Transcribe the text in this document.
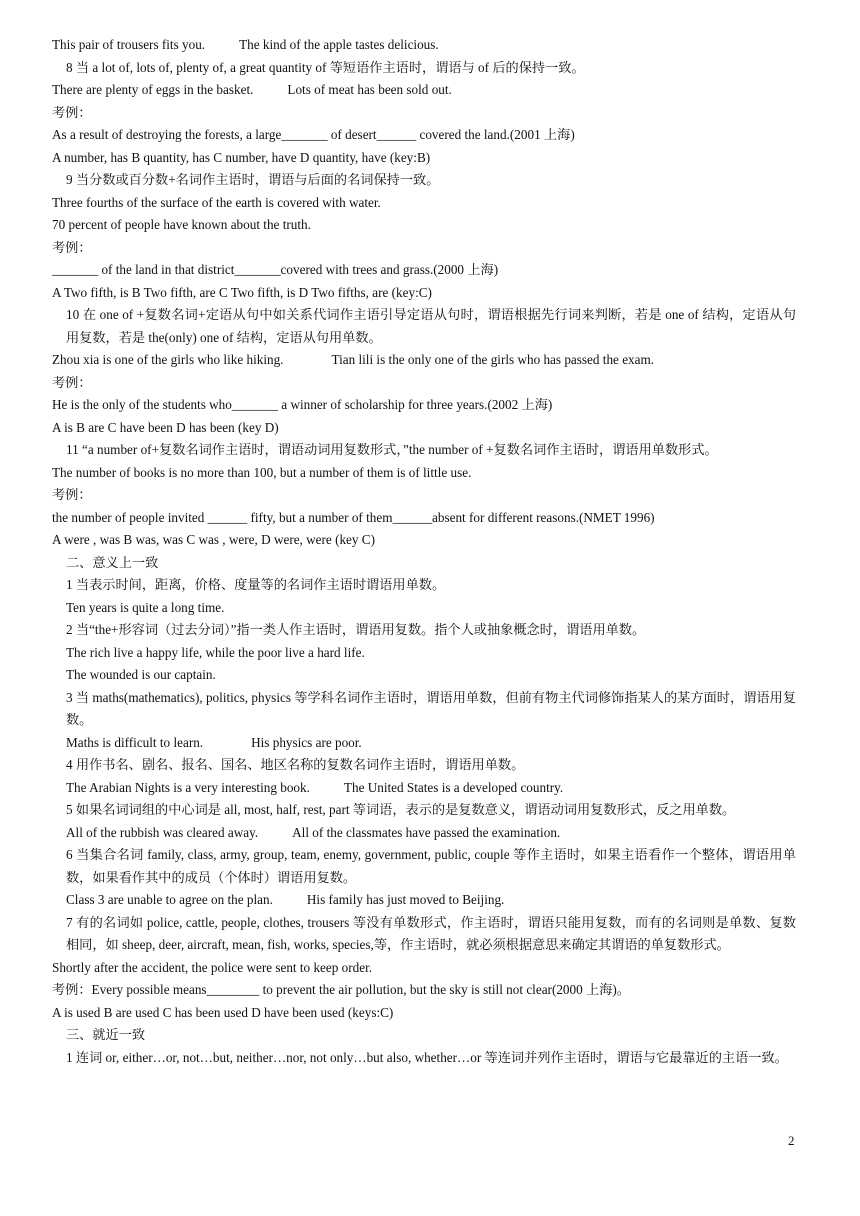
This pair of trousers fits you.	The kind of the apple tastes delicious.
8 当 a lot of, lots of, plenty of, a great quantity of 等短语作主语时，谓语与 of 后的保持一致。
There are plenty of eggs in the basket.	Lots of meat has been sold out.
考例：
As a result of destroying the forests, a large_______ of desert______ covered the land.(2001 上海)
A number, has B quantity, has C number, have D quantity, have (key:B)
9 当分数或百分数+名词作主语时，谓语与后面的名词保持一致。
Three fourths of the surface of the earth is covered with water.
70 percent of people have known about the truth.
考例：
_______ of the land in that district_______covered with trees and grass.(2000 上海)
A Two fifth, is B Two fifth, are C Two fifth, is D Two fifths, are (key:C)
10 在 one of +复数名词+定语从句中如关系代词作主语引导定语从句时，谓语根据先行词来判断，若是 one of 结构，定语从句用复数，若是 the(only) one of 结构，定语从句用单数。
Zhou xia is one of the girls who like hiking.	Tian lili is the only one of the girls who has passed the exam.
考例：
He is the only of the students who_______ a winner of scholarship for three years.(2002 上海)
A is B are C have been D has been (key D)
11 “a number of+复数名词作主语时，谓语动词用复数形式，”the number of +复数名词作主语时，谓语用单数形式。
The number of books is no more than 100, but a number of them is of little use.
考例：
the number of people invited ______ fifty, but a number of them______absent for different reasons.(NMET 1996)
A were , was B was, was C was , were, D were, were (key C)
二、意义上一致
1 当表示时间，距离，价格、度量等的名词作主语时谓语用单数。
Ten years is quite a long time.
2 当“the+形容词（过去分词）”指一类人作主语时，谓语用复数。指个人或抽象概念时，谓语用单数。
The rich live a happy life, while the poor live a hard life.
The wounded is our captain.
3 当 maths(mathematics), politics, physics 等学科名词作主语时，谓语用单数，但前有物主代词修饰指某人的某方面时，谓语用复数。
Maths is difficult to learn.	His physics are poor.
4 用作书名、剧名、报名、国名、地区名称的复数名词作主语时，谓语用单数。
The Arabian Nights is a very interesting book.	The United States is a developed country.
5 如果名词词组的中心词是 all, most, half, rest, part 等词语，表示的是复数意义，谓语动词用复数形式，反之用单数。
All of the rubbish was cleared away.	All of the classmates have passed the examination.
6 当集合名词 family, class, army, group, team, enemy, government, public, couple 等作主语时，如果主语看作一个整体，谓语用单数，如果看作其中的成员（个体时）谓语用复数。
Class 3 are unable to agree on the plan.	His family has just moved to Beijing.
7 有的名词如 police, cattle, people, clothes, trousers 等没有单数形式，作主语时，谓语只能用复数，而有的名词则是单数、复数相同，如 sheep, deer, aircraft, mean, fish, works, species,等，作主语时，就必须根据意思来确定其谓语的单复数形式。
Shortly after the accident, the police were sent to keep order.
考例：Every possible means________ to prevent the air pollution, but the sky is still not clear(2000 上海)。
A is used B are used C has been used D have been used (keys:C)
三、就近一致
1 连词 or, either…or, not…but, neither…nor, not only…but also, whether…or 等连词并列作主语时，谓语与它最靠近的主语一致。
2
